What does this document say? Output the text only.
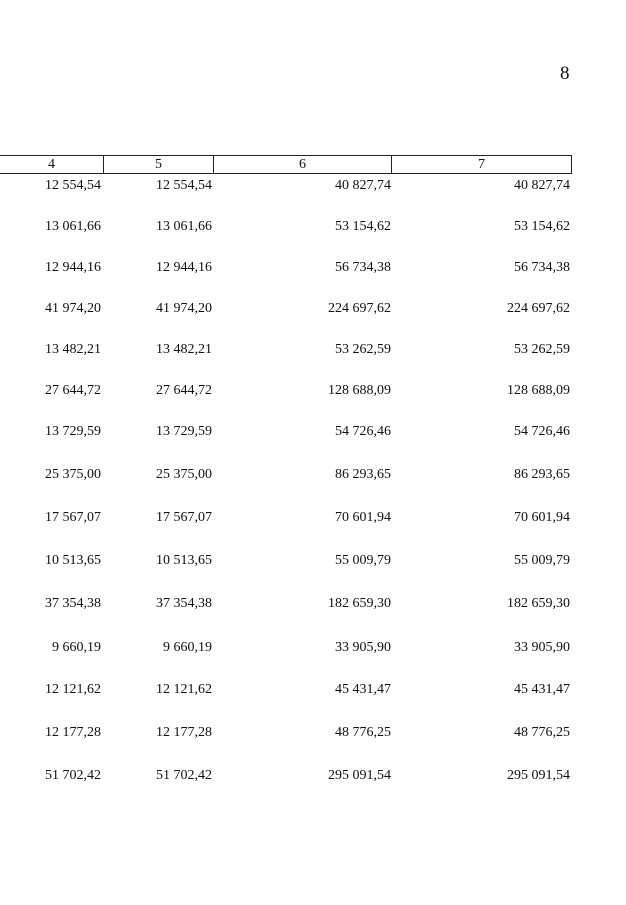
8
4	5	6	7
12 554,54	12 554,54	40 827,74	40 827,74
13 061,66	13 061,66	53 154,62	53 154,62
12 944,16	12 944,16	56 734,38	56 734,38
41 974,20	41 974,20	224 697,62	224 697,62
13 482,21	13 482,21	53 262,59	53 262,59
27 644,72	27 644,72	128 688,09	128 688,09
13 729,59	13 729,59	54 726,46	54 726,46
25 375,00	25 375,00	86 293,65	86 293,65
17 567,07	17 567,07	70 601,94	70 601,94
10 513,65	10 513,65	55 009,79	55 009,79
37 354,38	37 354,38	182 659,30	182 659,30
9 660,19	9 660,19	33 905,90	33 905,90
12 121,62	12 121,62	45 431,47	45 431,47
12 177,28	12 177,28	48 776,25	48 776,25
51 702,42	51 702,42	295 091,54	295 091,54
